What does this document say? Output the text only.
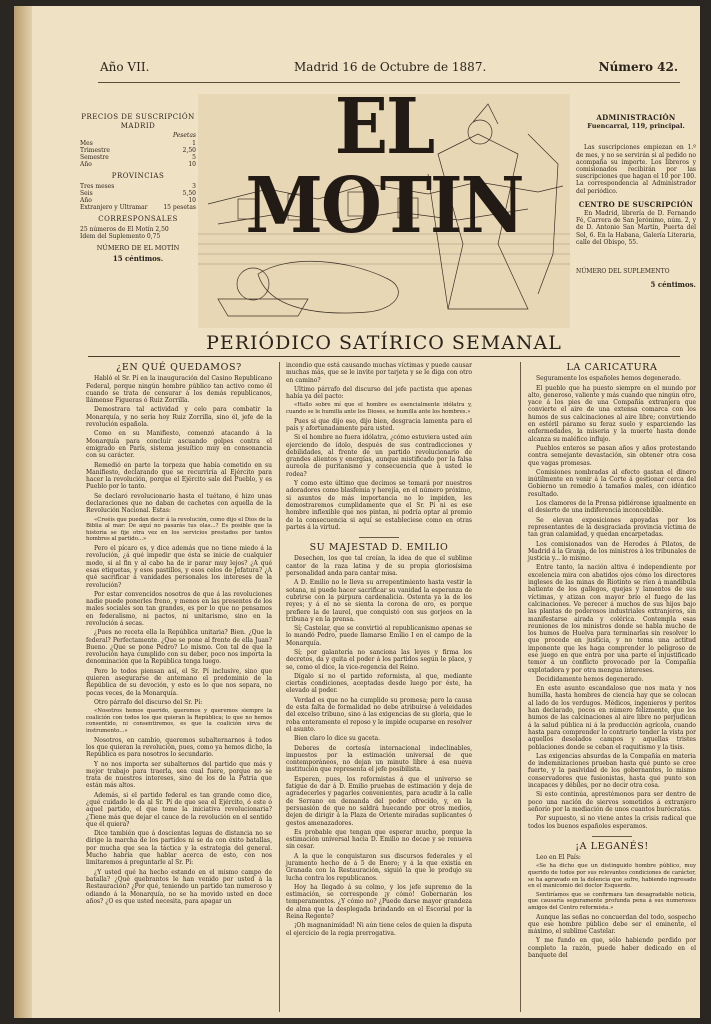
Año VII.	Madrid 16 de Octubre de 1887.	Número 42.
PRECIOS DE SUSCRIPCIÓN
MADRID
Pesetas
Mes	1
Trimestre	2,50
Semestre	5
Año	10
PROVINCIAS
Tres meses	3
Seis	5,50
Año	10
Extranjero y Ultramar	15 pesetas
CORRESPONSALES
25 números de El Motín 2,50
Idem del Suplemento 0,75
NÚMERO DE EL MOTÍN
15 céntimos.
EL MOTIN
ADMINISTRACIÓN
Fuencarral, 119, principal.
Las suscripciones empiezan en 1.º de mes, y no se servirán si al pedido no acompaña su importe. Los libreros y comisionados recibirán por las suscripciones que hagan el 10 por 100. La correspondencia al Administrador del periódico.
CENTRO DE SUSCRIPCIÓN
En Madrid, librería de D. Fernando Fé, Carrera de San Jerónimo, núm. 2, y de D. Antonio San Martín, Puerta del Sol, 6. En la Habana, Galería Literaria, calle del Obispo, 55.
NÚMERO DEL SUPLEMENTO
5 céntimos.
PERIÓDICO SATÍRICO SEMANAL
¿EN QUÉ QUEDAMOS?

Habló el Sr. Pí en la inauguración del Casino Republicano Federal, porque ningún hombre público tan activo como él cuando se trata de censurar á los demás republicanos, llámense Figueras ó Ruiz Zorrilla.

Demostrara tal actividad y celo para combatir la Monarquía, y no sería hoy Ruiz Zorrilla, sino él, jefe de la revolución española.

Como en su Manifiesto, comenzó atacando á la Monarquía para concluir ascuando golpes contra el emigrado en París, sistema jesuítico muy en consonancia con su carácter.

Remedió en parte la torpeza que había cometido en su Manifiesto, declarando que se recurriría al Ejército para hacer la revolución, porque el Ejército sale del Pueblo, y es Pueblo por lo tanto.

Se declaró revolucionario hasta el tuétano, é hizo unas declaraciones que no daban de cachetes con aquella de la Revolución Nacional. Estas:

«Creéis que puedan decir á la revolución, como dijo el Dios de la Biblia al mar: De aquí no pasarás tus olas...? Es posible que la historia se fije otra vez en los servicios prestados por tantos hombres al partido...»

Pero el pícaro es, y dice además que no tiene miedo á la revolución, ¿á qué impedir que ésta se inicie de cualquier modo, si al fin y al cabo ha de ir parar muy lejos? ¿A qué esas etiquetas, y esos pastillos, y esos celos de Jefatura? ¿A qué sacrificar á vanidades personales los intereses de la revolución?

Por estar convencidos nosotros de que á las revoluciones nadie puede ponerles freno, y menos en las presentes de los males sociales son tan grandes, es por lo que no pensamos en federalismo, ni pactos, ni unitarismo, sino en la revolución á secas.

¿Pues no receta ella la República unitaria? Bien. ¿Que la federal? Perfectamente. ¿Que se pone al frente de ella Juan? Bueno. ¿Que se pone Pedro? Lo mismo. Con tal de que la revolución haya cumplido con su deber, poco nos importa la denominación que la República tenga luego.

Pero lo todos piensan así, el Sr. Pí inclusive, sino que quieren asegurarse de antemano el predominio de la República de su devoción, y esto es lo que nos separa, no pocas veces, de la Monarquía.

Otro párrafo del discurso del Sr. Pí:

«Nosotros hemos querido, queremos y queremos siempre la coalición con todos los que quieran la República; lo que no hemos consentido, ni consentiremos, es que la coalición sirva de instrumento...»

Nosotros, en cambio, queremos subalternarnos á todos los que quieran la revolución, pues, como ya hemos dicho, la República es para nosotros lo secundario.

Y no nos importa ser subalternos del partido que más y mejor trabajo para traerla, sea cual fuere, porque no se trata de nuestros intereses, sino de los de la Patria que están más altos.

Además, si el partido federal es tan grande como dice, ¿qué cuidado le da al Sr. Pí de que sea el Ejército, ó este ó aquel partido, el que tome la iniciativa revolucionaria? ¿Tiene más que dejar el cauce de la revolución en el sentido que él quiera?

Dice también que á doscientas leguas de distancia no se dirige la marcha de los partidos ni se da con éxito batallas, por mucha que sea la táctica y la estrategia del general. Mucho habría que hablar acerca de esto, con nos limitaremos á preguntarle al Sr. Pí:

¿Y usted qué ha hecho estando en el mismo campo de batalla? ¿Qué quebrantos le han venido por usted á la Restauración? ¿Por qué, teniendo un partido tan numeroso y odiando á la Monarquía, no se ha movido usted en doce años? ¿O es que usted necesita, para apagar un

incendio que está causando muchas víctimas y puede causar muchas más, que se le invite por tarjeta y se le diga con otro en camino?

Ultimo párrafo del discurso del jefe pactista que apenas había ya del pacto:

«Hallo sobre mí que el hombre es esencialmente idólatra y, cuando se le humilla ante los Dioses, se humilla ante los hombres.»

Pues si que dijo eso, dijo bien, desgracia lamenta para el país y afortunadamente para usted.

Si el hombre no fuera idólatra, ¿cómo estuviera usted aún ejerciendo de ídolo, después de sus contradicciones y debilidades, al frente de un partido revolucionario de grandes alientos y energías, aunque mistificado por la falsa aureola de puritanismo y consecuencia que á usted le rodea?

Y como este último que decimos se tomará por nuestros adoradores como blasfemia y herejía, en el número próximo, si asuntos de más importancia no lo impiden, les demostraremos cumplidamente que el Sr. Pí ni es ese hombre inflexible que nos pintan, ni podría optar al premio de la consecuencia si aquí se estableciese como en otras partes á la virtud.

SU MAJESTAD D. EMILIO

Desechen, los que tal creían, la idea de que el sublime cantor de la raza latina y de su propia gloriosísima personalidad anda para cantar misa.

A D. Emilio no le lleva su arrepentimiento hasta vestir la sotana, ni puede hacer sacrificar su vanidad la esperanza de cubrirse con la púrpura cardenalicia. Ostenta ya la de los reyes; y á el no se sienta la corona de oro, es porque prefiere la de laurel, que conquistó con sus gorjeos en la tribuna y en la prensa.

Sí; Castelar, que se convirtió al republicanismo apenas se lo mandó Pedro, puede llamarse Emilio I en el campo de la Monarquía.

Sí; por galantería no sanciona las leyes y firma los decretos, da y quita el poder á los partidos según le place, y se, como el dice, la vice-regencia del Reino.

Dígalo si no el partido reformista, al que, mediante ciertas condiciones, aceptadas desde luego por éste, ha elevado al poder.

Verdad es que no ha cumplido su promesa; pero la causa de esta falta de formalidad no debe atribuirse á veleidades del excelso tribuno, sino á las exigencias de su gloria, que le roba enteramente el reposo y le impide ocuparse en resolver el asunto.

Bien claro lo dice su gaceta.

Deberes de cortesía internacional indeclinables, impuestos por la estimación universal de que contemporáneos, no dejan un minuto libre á esa nueva institución que representa el jefe posibilista.

Esperen, pues, los reformistas á que el universo se fatigue de dar á D. Emilio pruebas de estimación y deja de agradecerles y pagarles convenientes, para acudir á la calle de Serrano en demanda del poder ofrecido, y, en la persuasión de que no saldrá huecando por otros medios, dejen de dirigir á la Plaza de Oriente miradas suplicantes ó gestos amenazadores.

Es probable que tengan que esperar mucho, porque la estimación universal hacia D. Emilio no decae y se renueva sin cesar.

A la que le conquistaron sus discursos federales y el juramento hecho de á 5 de Enero; y á la que existía en Granada con la Restauración, siguió la que le produjo su lucha contra los republicanos.

Hoy ha llegado á su colmo, y los jefe supremo de la estimación, se corresponde ¡y cómo! Gobernarán los temperamentos. ¿Y cómo no? ¿Puede darse mayor grandeza de alma que la desplegada brindando en el Escorial por la Reina Regente?

¡Oh magnanimidad! Ni aún tiene celos de quien la disputa el ejercicio de la regia prerrogativa.

LA CARICATURA

Seguramente los españoles hemos degenerado.

El pueblo que ha puesto siempre en el mundo por alto, generoso, valiente y más cuando que ningún otro, yace á los pies de una Compañía extranjera que convierte el aire de una extensa comarca con los humos de sus calcinaciones al aire libre; convirtiendo en estéril páramo su feraz suelo y esparciendo las enfermedades, la miseria y la muerte hasta donde alcanza su maléfico influjo.

Pueblos enteros se pasan años y años protestando contra semejante devastación, sin obtener otra cosa que vagas promesas.

Comisiones nombradas al efecto gastan el dinero inútilmente en venir á la Corte á gestionar cerca del Gobierno un remedio á tamaños males, con idéntico resultado.

Los clamores de la Prensa pidiéronse igualmente en el desierto de una indiferencia inconcebible.

Se elevan exposiciones apoyadas por los representantes de la desgraciada provincia víctima de tan gran calamidad, y quedan encarpetadas.

Los comisionados van de Herodes á Pilatos, de Madrid á la Granja, de los ministros á los tribunales de justicia y... lo mismo.

Entre tanto, la nación altiva é independiente por excelencia mira con abatidos ojos cómo los directores ingleses de las minas de Riotinto se ríen á mandíbula batiente de los gallegos, quejas y lamentos de sus víctimas, y atizan con mayor brío el fuego de las calcinaciones. Ve perecer á muchos de sus hijos bajo las plantas de poderosos industriales extranjeros, sin manifestarse airada y colérica. Contempla esas reuniones de los ministros donde se habla mucho de los humos de Huelva para terminarlas sin resolver lo que procede en justicia, y no toma una actitud imponente que les haga comprender lo peligroso de ese juego en que entra por una parte el injustificado temor á un conflicto provocado por la Compañía explotadora y por otra mengua intereses.

Decididamente hemos degenerado.

En este asunto escandaloso que nos mata y nos humilla, hasta hombres de ciencia hay que se colocan al lado de los verdugos. Médicos, ingenieros y peritos han declarado, pocos en número felizmente, que los humos de las calcinaciones al aire libre no perjudican á la salud pública ni á la producción agrícola, cuando hasta para comprender lo contrario tender la vista por aquellos desolados campos y aquellas tristes poblaciones donde se ceban el raquitismo y la tisis.

Las exigencias absurdas de la Compañía en materia de indemnizaciones prueban hasta qué punto se cree fuerte, y la pasividad de los gobernantes, lo mismo conservadores que fusionistas, hasta qué punto son incapaces y débiles, por no decir otra cosa.

Si esto continúa, aprestémonos para ser dentro de poco una nación de siervos sometidos á extranjero señorío por la mediación de unos cuantos burócratas.

Por supuesto, si no viene antes la crisis radical que todos los buenos españoles esperamos.

¡A LEGANÉS!

Leo en El País:

«Se ha dicho que un distinguido hombre público, muy querido de todos por sus relevantes condiciones de carácter, se ha agravado en la dolencia que sufre, habiendo ingresado en el manicomio del doctor Esquerdo.

Sentiríamos que se confirmara tan desagradable noticia, que causaría seguramente profunda pena á sus numerosos amigos del Centro reformista.»

Aunque las señas no concuerdan del todo, sospecho que ese hombre público debe ser el eminente, el máximo, el sublime Castelar.

Y me fundo en que, sólo habiendo perdido por completo la razón, puede haber dedicado en el banquete del
